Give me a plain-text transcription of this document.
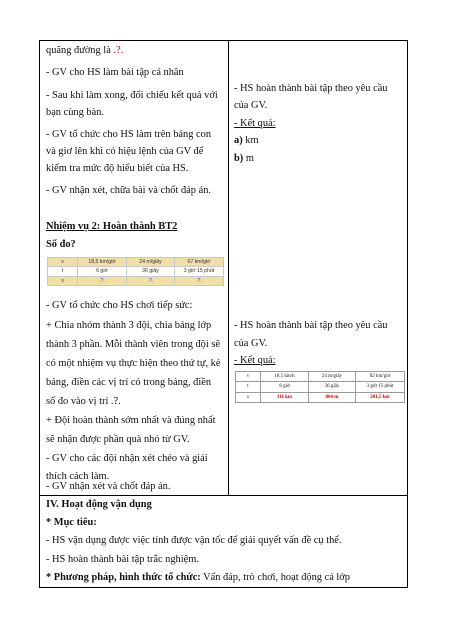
quãng đường là .?.
- GV cho HS làm bài tập cá nhân
- Sau khi làm xong, đổi chiếu kết quả với
bạn cùng bàn.
- GV tổ chức cho HS làm trên bảng con
và giơ lên khi có hiệu lệnh của GV để
kiểm tra mức độ hiểu biết của HS.
- GV nhận xét, chữa bài và chốt đáp án.
Nhiệm vụ 2: Hoàn thành BT2
Số đo?
v	18,5 km/giờ	24 m/giây	67 km/giờ
t	6 giờ	36 giây	3 giờ 15 phút
s	.?.	.?.	.?.
- GV tổ chức cho HS chơi tiếp sức:
+ Chia nhóm thành 3 đội, chia bảng lớp
thành 3 phần. Mỗi thành viên trong đội sẽ
có một nhiệm vụ thực hiện theo thứ tự, kẻ
bảng, điền các vị trí có trong bảng, điền
số đo vào vị trí .?.
+ Đội hoàn thành sớm nhất và đúng nhất
sẽ nhận được phần quà nhỏ từ GV.
- GV cho các đội nhận xét chéo và giải
thích cách làm.
- GV nhận xét và chốt đáp án.
- HS hoàn thành bài tập theo yêu cầu
của GV.
- Kết quả:
a) km
b) m
- HS hoàn thành bài tập theo yêu cầu
của GV.
- Kết quả:
v	18,5 km/h	24 m/giây	62 km/giờ
t	6 giờ	36 giây	3 giờ 15 phút
s	111 km	864 m	201,5 km
IV. Hoạt động vận dụng
* Mục tiêu:
- HS vận dụng được việc tính được vận tốc để giải quyết vấn đề cụ thể.
- HS hoàn thành bài tập trắc nghiệm.
* Phương pháp, hình thức tổ chức: Vấn đáp, trò chơi, hoạt động cả lớp
